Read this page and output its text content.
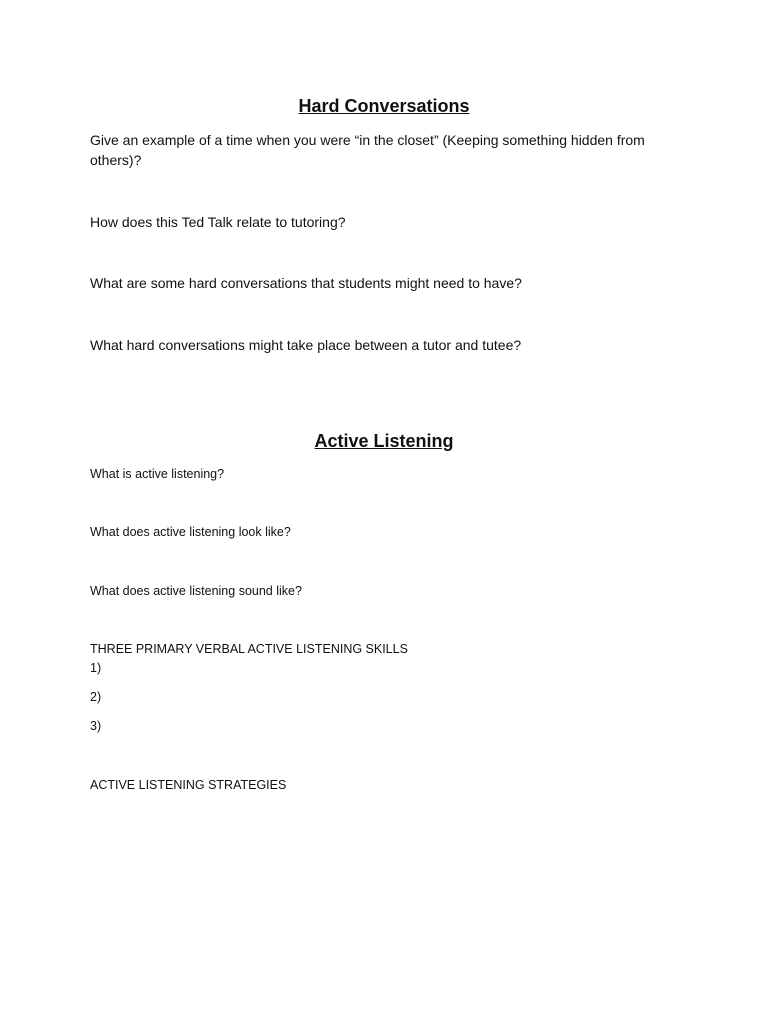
Hard Conversations

Give an example of a time when you were “in the closet” (Keeping something hidden from others)?

How does this Ted Talk relate to tutoring?

What are some hard conversations that students might need to have?

What hard conversations might take place between a tutor and tutee?

Active Listening

What is active listening?

What does active listening look like?

What does active listening sound like?

THREE PRIMARY VERBAL ACTIVE LISTENING SKILLS

1)

2)

3)

ACTIVE LISTENING STRATEGIES
